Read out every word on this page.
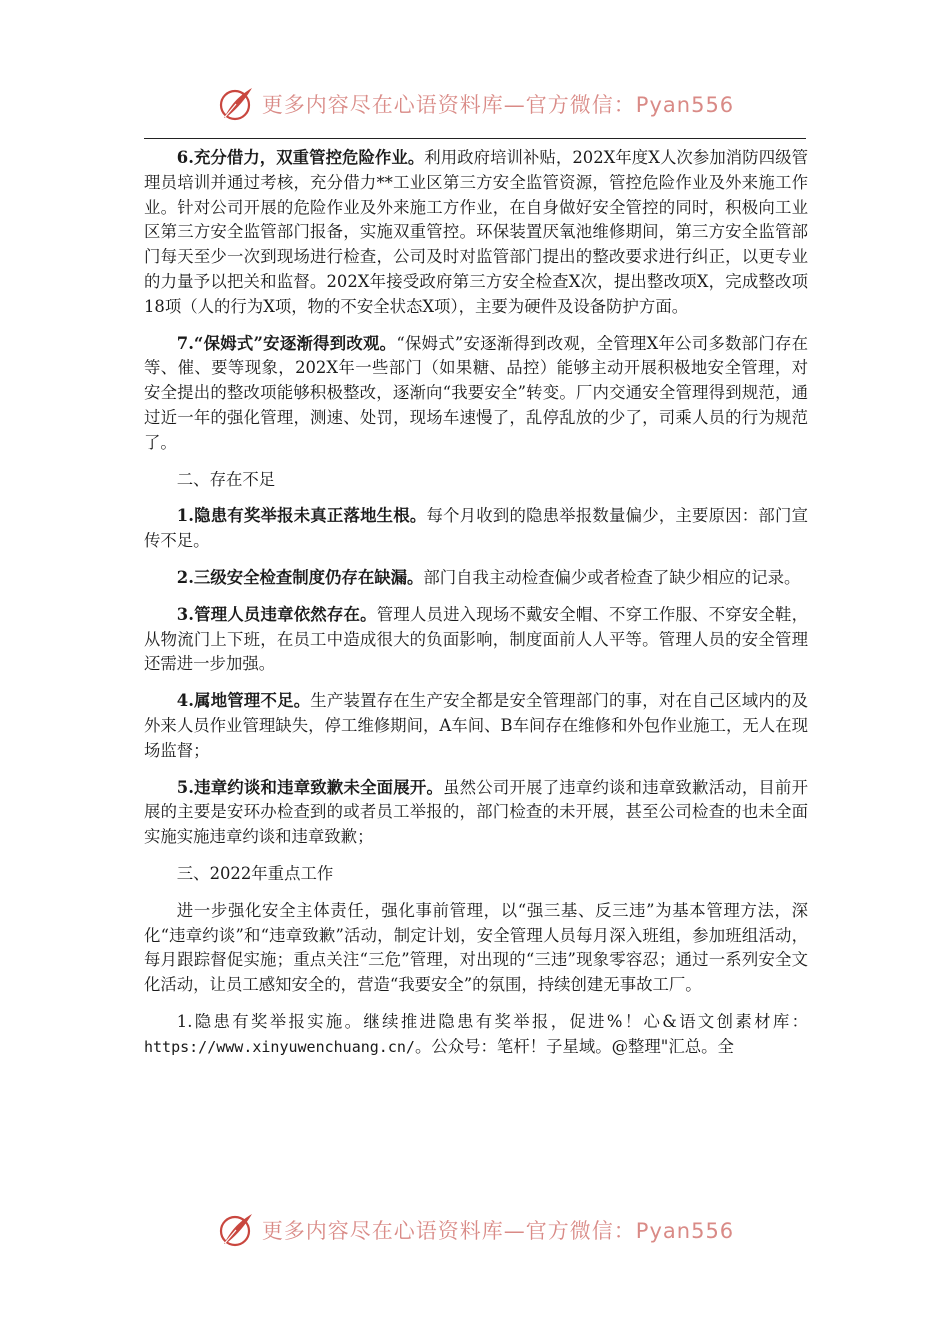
更多内容尽在心语资料库—官方微信：Pyan556

6.充分借力，双重管控危险作业。利用政府培训补贴，202X年度X人次参加消防四级管理员培训并通过考核，充分借力**工业区第三方安全监管资源，管控危险作业及外来施工作业。针对公司开展的危险作业及外来施工方作业，在自身做好安全管控的同时，积极向工业区第三方安全监管部门报备，实施双重管控。环保装置厌氧池维修期间，第三方安全监管部门每天至少一次到现场进行检查，公司及时对监管部门提出的整改要求进行纠正，以更专业的力量予以把关和监督。202X年接受政府第三方安全检查X次，提出整改项X，完成整改项18项（人的行为X项，物的不安全状态X项），主要为硬件及设备防护方面。

7.“保姆式”安逐渐得到改观。“保姆式”安逐渐得到改观，全管理X年公司多数部门存在等、催、要等现象，202X年一些部门（如果糖、品控）能够主动开展积极地安全管理，对安全提出的整改项能够积极整改，逐渐向“我要安全”转变。厂内交通安全管理得到规范，通过近一年的强化管理，测速、处罚，现场车速慢了，乱停乱放的少了，司乘人员的行为规范了。

二、存在不足

1.隐患有奖举报未真正落地生根。每个月收到的隐患举报数量偏少，主要原因：部门宣传不足。

2.三级安全检查制度仍存在缺漏。部门自我主动检查偏少或者检查了缺少相应的记录。

3.管理人员违章依然存在。管理人员进入现场不戴安全帽、不穿工作服、不穿安全鞋，从物流门上下班，在员工中造成很大的负面影响，制度面前人人平等。管理人员的安全管理还需进一步加强。

4.属地管理不足。生产装置存在生产安全都是安全管理部门的事，对在自己区域内的及外来人员作业管理缺失，停工维修期间，A车间、B车间存在维修和外包作业施工，无人在现场监督；

5.违章约谈和违章致歉未全面展开。虽然公司开展了违章约谈和违章致歉活动，目前开展的主要是安环办检查到的或者员工举报的，部门检查的未开展，甚至公司检查的也未全面实施实施违章约谈和违章致歉；

三、2022年重点工作

进一步强化安全主体责任，强化事前管理，以“强三基、反三违”为基本管理方法，深化“违章约谈”和“违章致歉”活动，制定计划，安全管理人员每月深入班组，参加班组活动，每月跟踪督促实施；重点关注“三危”管理，对出现的“三违”现象零容忍；通过一系列安全文化活动，让员工感知安全的，营造“我要安全”的氛围，持续创建无事故工厂。

1.隐患有奖举报实施。继续推进隐患有奖举报，促进%！心&语文创素材库：https://www.xinyuwenchuang.cn/。公众号：笔杆！子星域。@整理"汇总。全

更多内容尽在心语资料库—官方微信：Pyan556
